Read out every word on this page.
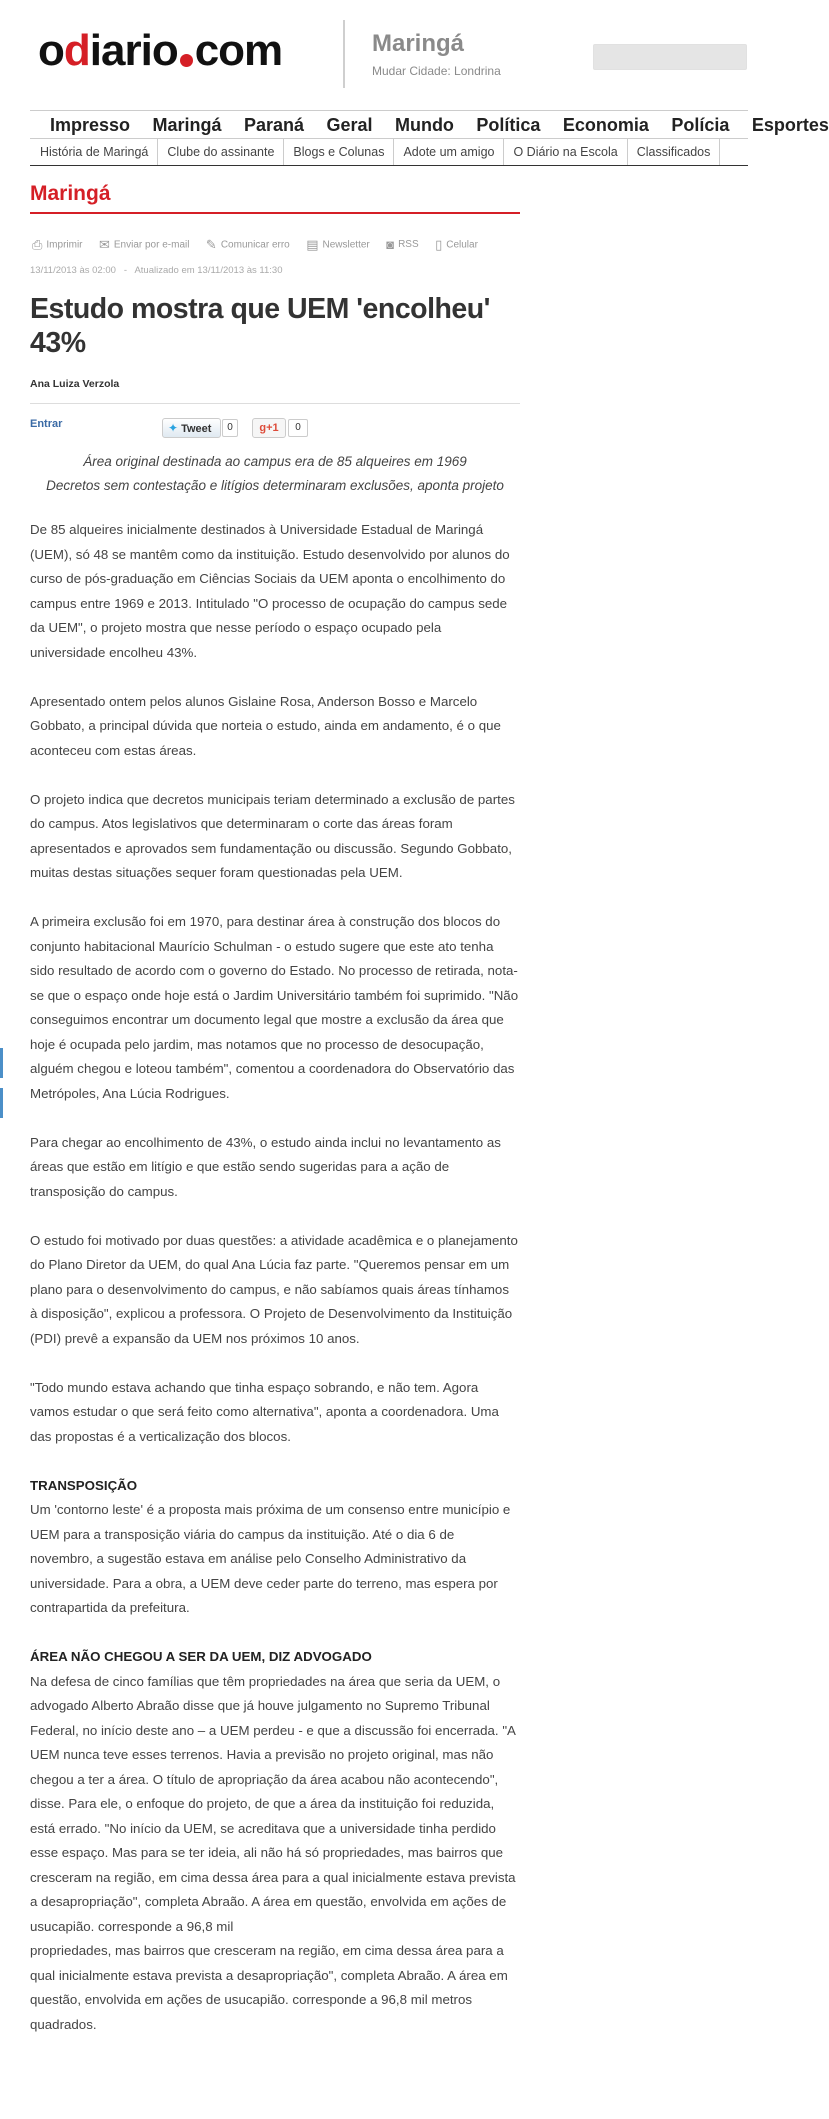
odiario com	Maringá
Mudar Cidade: Londrina
Impresso Maringá Paraná Geral Mundo Política Economia Polícia Esportes
História de Maringá Clube do assinante Blogs e Colunas Adote um amigo O Diário na Escola Classificados
Maringá
⎙ Imprimir ✉ Enviar por e-mail ✎ Comunicar erro ▤ Newsletter ◙ RSS ▯ Celular
13/11/2013 às 02:00 - Atualizado em 13/11/2013 às 11:30
Estudo mostra que UEM 'encolheu' 43%
Ana Luiza Verzola
Entrar	✦ Tweet	0	g+1	0
Área original destinada ao campus era de 85 alqueires em 1969
Decretos sem contestação e litígios determinaram exclusões, aponta projeto

De 85 alqueires inicialmente destinados à Universidade Estadual de Maringá (UEM), só 48 se mantêm como da instituição. Estudo desenvolvido por alunos do curso de pós-graduação em Ciências Sociais da UEM aponta o encolhimento do campus entre 1969 e 2013. Intitulado "O processo de ocupação do campus sede da UEM", o projeto mostra que nesse período o espaço ocupado pela universidade encolheu 43%.

Apresentado ontem pelos alunos Gislaine Rosa, Anderson Bosso e Marcelo Gobbato, a principal dúvida que norteia o estudo, ainda em andamento, é o que aconteceu com estas áreas.

O projeto indica que decretos municipais teriam determinado a exclusão de partes do campus. Atos legislativos que determinaram o corte das áreas foram apresentados e aprovados sem fundamentação ou discussão. Segundo Gobbato, muitas destas situações sequer foram questionadas pela UEM.

A primeira exclusão foi em 1970, para destinar área à construção dos blocos do conjunto habitacional Maurício Schulman - o estudo sugere que este ato tenha sido resultado de acordo com o governo do Estado. No processo de retirada, nota-se que o espaço onde hoje está o Jardim Universitário também foi suprimido. "Não conseguimos encontrar um documento legal que mostre a exclusão da área que hoje é ocupada pelo jardim, mas notamos que no processo de desocupação, alguém chegou e loteou também", comentou a coordenadora do Observatório das Metrópoles, Ana Lúcia Rodrigues.

Para chegar ao encolhimento de 43%, o estudo ainda inclui no levantamento as áreas que estão em litígio e que estão sendo sugeridas para a ação de transposição do campus.

O estudo foi motivado por duas questões: a atividade acadêmica e o planejamento do Plano Diretor da UEM, do qual Ana Lúcia faz parte. "Queremos pensar em um plano para o desenvolvimento do campus, e não sabíamos quais áreas tínhamos à disposição", explicou a professora. O Projeto de Desenvolvimento da Instituição (PDI) prevê a expansão da UEM nos próximos 10 anos.

"Todo mundo estava achando que tinha espaço sobrando, e não tem. Agora vamos estudar o que será feito como alternativa", aponta a coordenadora. Uma das propostas é a verticalização dos blocos.

TRANSPOSIÇÃO

Um 'contorno leste' é a proposta mais próxima de um consenso entre município e UEM para a transposição viária do campus da instituição. Até o dia 6 de novembro, a sugestão estava em análise pelo Conselho Administrativo da universidade. Para a obra, a UEM deve ceder parte do terreno, mas espera por contrapartida da prefeitura.

ÁREA NÃO CHEGOU A SER DA UEM, DIZ ADVOGADO

Na defesa de cinco famílias que têm propriedades na área que seria da UEM, o advogado Alberto Abraão disse que já houve julgamento no Supremo Tribunal Federal, no início deste ano – a UEM perdeu - e que a discussão foi encerrada. "A UEM nunca teve esses terrenos. Havia a previsão no projeto original, mas não chegou a ter a área. O título de apropriação da área acabou não acontecendo", disse. Para ele, o enfoque do projeto, de que a área da instituição foi reduzida, está errado. "No início da UEM, se acreditava que a universidade tinha perdido esse espaço. Mas para se ter ideia, ali não há só propriedades, mas bairros que cresceram na região, em cima dessa área para a qual inicialmente estava prevista a desapropriação", completa Abraão. A área em questão, envolvida em ações de usucapião. corresponde a 96,8 mil

propriedades, mas bairros que cresceram na região, em cima dessa área para a qual inicialmente estava prevista a desapropriação", completa Abraão. A área em questão, envolvida em ações de usucapião. corresponde a 96,8 mil metros quadrados.
